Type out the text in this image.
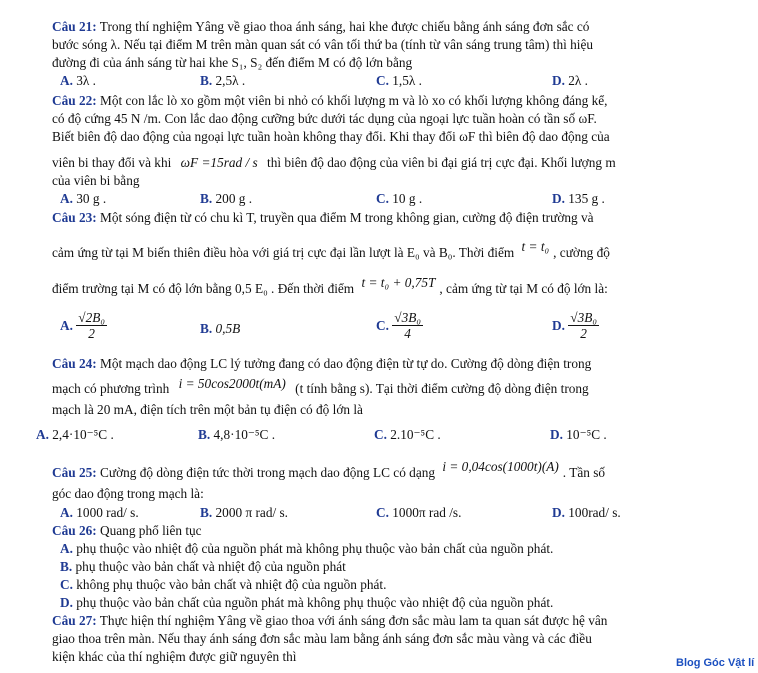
Câu 21: Trong thí nghiệm Yâng về giao thoa ánh sáng, hai khe được chiếu bằng ánh sáng đơn sắc có
bước sóng λ. Nếu tại điểm M trên màn quan sát có vân tối thứ ba (tính từ vân sáng trung tâm) thì hiệu
đường đi của ánh sáng từ hai khe S₁, S₂ đến điểm M có độ lớn bằng
A. 3λ .	B. 2,5λ .	C. 1,5λ .	D. 2λ .
Câu 22: Một con lắc lò xo gồm một viên bi nhỏ có khối lượng m và lò xo có khối lượng không đáng kể,
có độ cứng 45 N /m. Con lắc dao động cưỡng bức dưới tác dụng của ngoại lực tuần hoàn có tần số ωF.
Biết biên độ dao động của ngoại lực tuần hoàn không thay đổi. Khi thay đổi ωF thì biên độ dao động của
viên bi thay đổi và khi ωF =15rad / s thì biên độ dao động của viên bi đại giá trị cực đại. Khối lượng m
của viên bi bằng
A. 30 g .	B. 200 g .	C. 10 g .	D. 135 g .
Câu 23: Một sóng điện từ có chu kì T, truyền qua điểm M trong không gian, cường độ điện trường và
cảm ứng từ tại M biến thiên điều hòa với giá trị cực đại lần lượt là E₀ và B₀. Thời điểm t = t₀ , cường độ
điểm trường tại M có độ lớn bằng 0,5 E₀ . Đến thời điểm t = t₀ + 0,75T , cảm ứng từ tại M có độ lớn là:
A. $\frac{\text{√2B₀}}{2}$	B. 0,5B	C. $\frac{\text{√3B₀}}{4}$	D. $\frac{\text{√3B₀}}{2}$
Câu 24: Một mạch dao động LC lý tưởng đang có dao động điện từ tự do. Cường độ dòng điện trong
mạch có phương trình i = 50cos2000t(mA) (t tính bằng s). Tại thời điểm cường độ dòng điện trong
mạch là 20 mA, điện tích trên một bản tụ điện có độ lớn là
A. 2,4·10⁻⁵C .	B. 4,8·10⁻⁵C .	C. 2.10⁻⁵C .	D. 10⁻⁵C .
Câu 25: Cường độ dòng điện tức thời trong mạch dao động LC có dạng i = 0,04cos(1000t)(A) . Tần số
góc dao động trong mạch là:
A. 1000 rad/ s.	B. 2000 π rad/ s.	C. 1000π rad /s.	D. 100rad/ s.
Câu 26: Quang phổ liên tục
A. phụ thuộc vào nhiệt độ của nguồn phát mà không phụ thuộc vào bản chất của nguồn phát.
B. phụ thuộc vào bản chất và nhiệt độ của nguồn phát
C. không phụ thuộc vào bản chất và nhiệt độ của nguồn phát.
D. phụ thuộc vào bản chất của nguồn phát mà không phụ thuộc vào nhiệt độ của nguồn phát.
Câu 27: Thực hiện thí nghiệm Yâng về giao thoa với ánh sáng đơn sắc màu lam ta quan sát được hệ vân
giao thoa trên màn. Nếu thay ánh sáng đơn sắc màu lam bằng ánh sáng đơn sắc màu vàng và các điều
kiện khác của thí nghiệm được giữ nguyên thì	Blog Góc Vật lí
